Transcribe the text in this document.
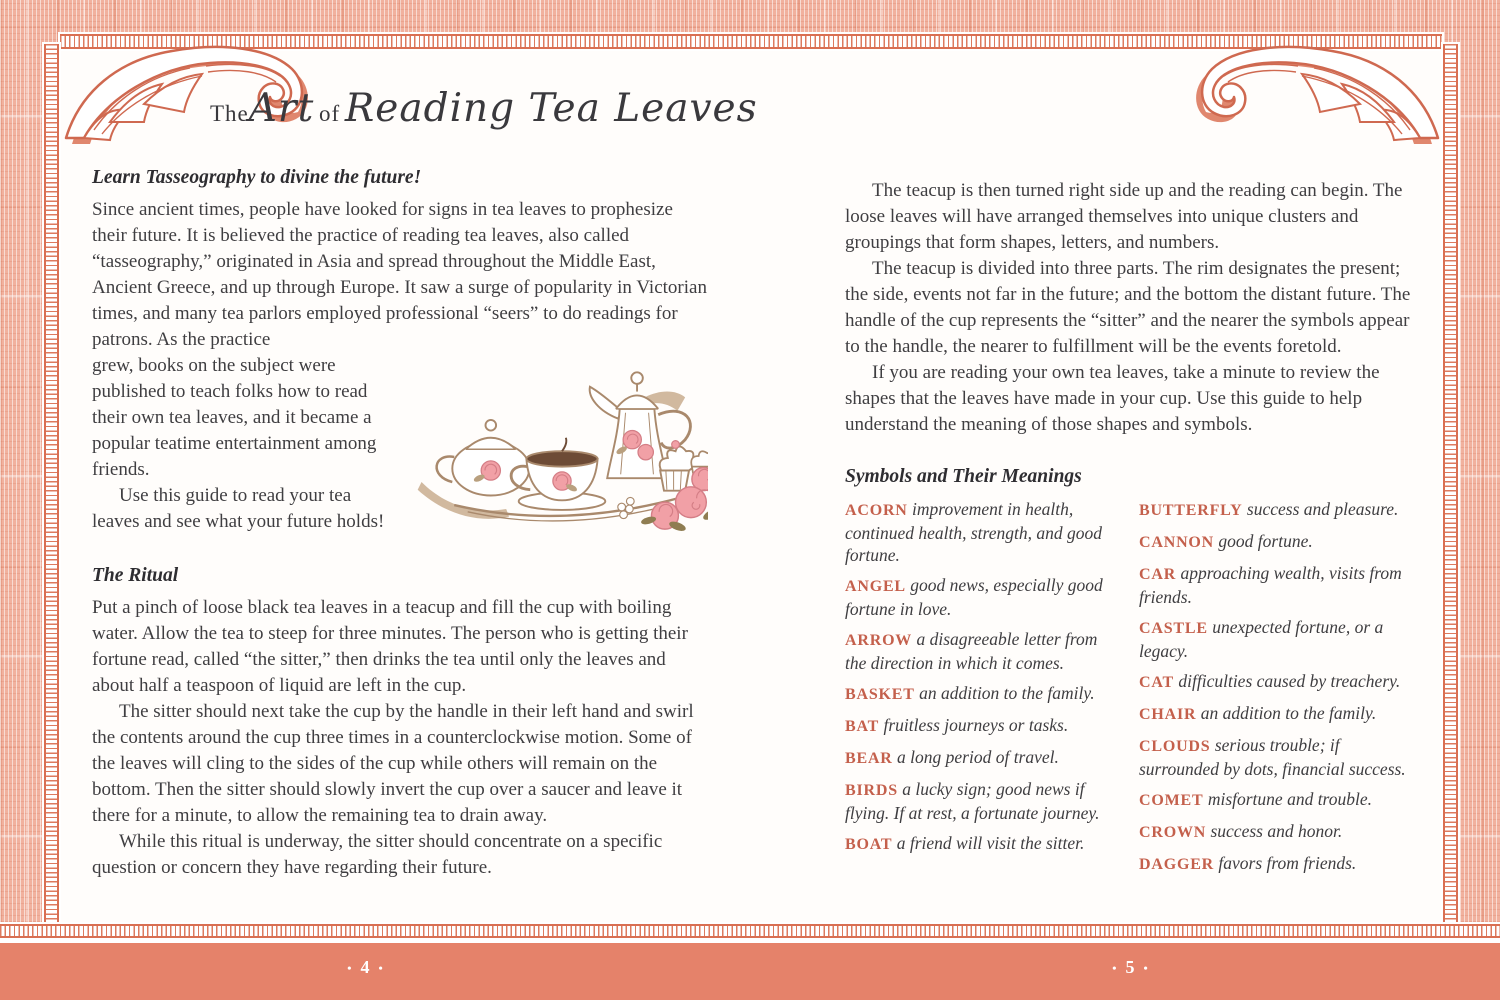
TheArt of Reading Tea Leaves

Learn Tasseography to divine the future!

Since ancient times, people have looked for signs in tea leaves to prophesize their future. It is believed the practice of reading tea leaves, also called “tasseography,” originated in Asia and spread throughout the Middle East, Ancient Greece, and up through Europe. It saw a surge of popularity in Victorian times, and many tea parlors employed professional “seers” to do readings for patrons. As the practice

grew, books on the subject were published to teach folks how to read their own tea leaves, and it became a popular teatime entertainment among friends.

Use this guide to read your tea leaves and see what your future holds!

The Ritual

Put a pinch of loose black tea leaves in a teacup and fill the cup with boiling water. Allow the tea to steep for three minutes. The person who is getting their fortune read, called “the sitter,” then drinks the tea until only the leaves and about half a teaspoon of liquid are left in the cup.

The sitter should next take the cup by the handle in their left hand and swirl the contents around the cup three times in a counterclockwise motion. Some of the leaves will cling to the sides of the cup while others will remain on the bottom. Then the sitter should slowly invert the cup over a saucer and leave it there for a minute, to allow the remaining tea to drain away.

While this ritual is underway, the sitter should concentrate on a specific question or concern they have regarding their future.

The teacup is then turned right side up and the reading can begin. The loose leaves will have arranged themselves into unique clusters and groupings that form shapes, letters, and numbers.

The teacup is divided into three parts. The rim designates the present; the side, events not far in the future; and the bottom the distant future. The handle of the cup represents the “sitter” and the nearer the symbols appear to the handle, the nearer to fulfillment will be the events foretold.

If you are reading your own tea leaves, take a minute to review the shapes that the leaves have made in your cup. Use this guide to help understand the meaning of those shapes and symbols.

Symbols and Their Meanings

ACORN improvement in health, continued health, strength, and good fortune.

ANGEL good news, especially good fortune in love.

ARROW a disagreeable letter from the direction in which it comes.

BASKET an addition to the family.

BAT fruitless journeys or tasks.

BEAR a long period of travel.

BIRDS a lucky sign; good news if flying. If at rest, a fortunate journey.

BOAT a friend will visit the sitter.

BUTTERFLY success and pleasure.

CANNON good fortune.

CAR approaching wealth, visits from friends.

CASTLE unexpected fortune, or a legacy.

CAT difficulties caused by treachery.

CHAIR an addition to the family.

CLOUDS serious trouble; if surrounded by dots, financial success.

COMET misfortune and trouble.

CROWN success and honor.

DAGGER favors from friends.

• 4 •	• 5 •
